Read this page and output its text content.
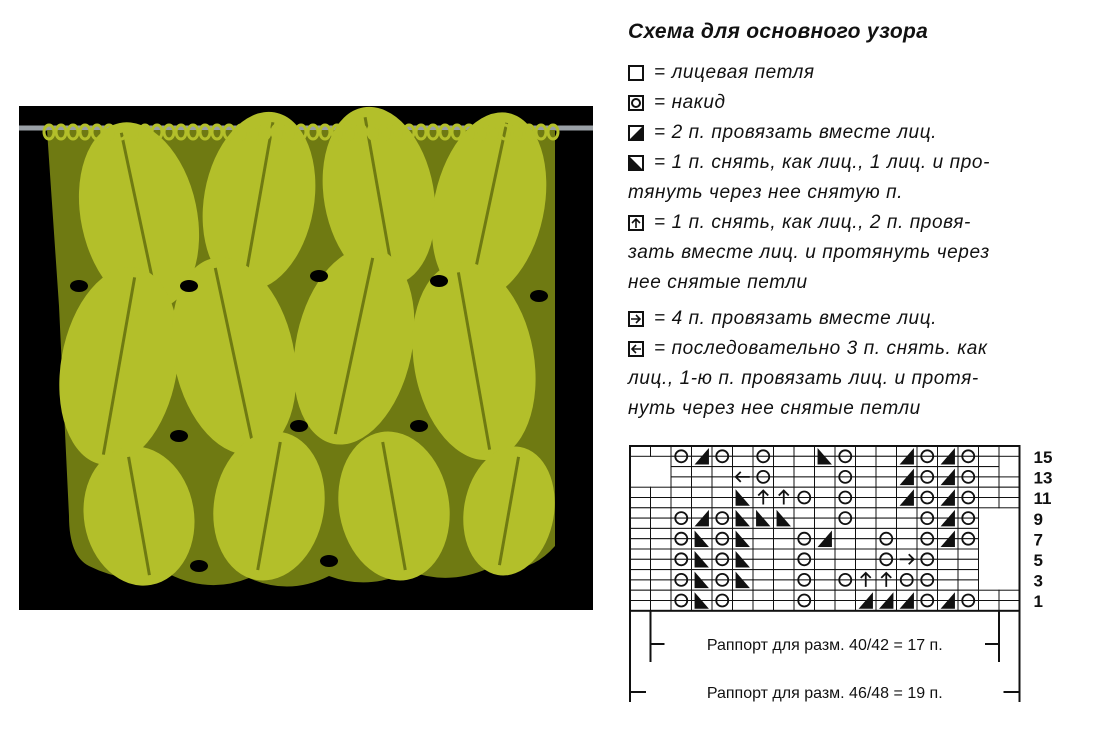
Схема для основного узора
= лицевая петля
= накид
= 2 п. провязать вместе лиц.
= 1 п. снять, как лиц., 1 лиц. и про-
тянуть через нее снятую п.
= 1 п. снять, как лиц., 2 п. провя-
зать вместе лиц. и протянуть через
нее снятые петли
= 4 п. провязать вместе лиц.
= последовательно 3 п. снять. как
лиц., 1-ю п. провязать лиц. и протя-
нуть через нее снятые петли
15
13
11
9
7
5
3
1
Раппорт для разм. 40/42 = 17 п.
Раппорт для разм. 46/48 = 19 п.
